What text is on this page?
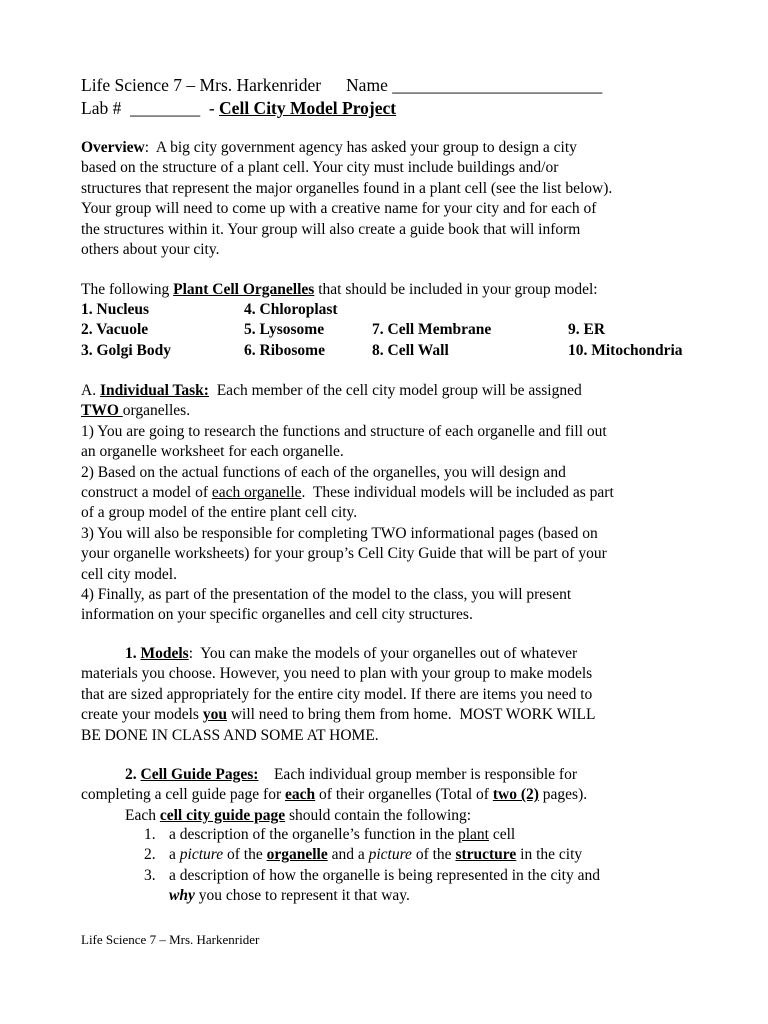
Life Science 7 – Mrs. Harkenrider Name ________________________
Lab #  ________  - Cell City Model Project
Overview:  A big city government agency has asked your group to design a city
based on the structure of a plant cell. Your city must include buildings and/or
structures that represent the major organelles found in a plant cell (see the list below).
Your group will need to come up with a creative name for your city and for each of
the structures within it. Your group will also create a guide book that will inform
others about your city.
The following Plant Cell Organelles that should be included in your group model:
1. Nucleus	4. Chloroplast
2. Vacuole	5. Lysosome	7. Cell Membrane	9. ER
3. Golgi Body	6. Ribosome	8. Cell Wall	10. Mitochondria
A. Individual Task:  Each member of the cell city model group will be assigned
TWO organelles.
1) You are going to research the functions and structure of each organelle and fill out
an organelle worksheet for each organelle.
2) Based on the actual functions of each of the organelles, you will design and
construct a model of each organelle.  These individual models will be included as part
of a group model of the entire plant cell city.
3) You will also be responsible for completing TWO informational pages (based on
your organelle worksheets) for your group’s Cell City Guide that will be part of your
cell city model.
4) Finally, as part of the presentation of the model to the class, you will present
information on your specific organelles and cell city structures.
1. Models:  You can make the models of your organelles out of whatever
materials you choose. However, you need to plan with your group to make models
that are sized appropriately for the entire city model. If there are items you need to
create your models you will need to bring them from home.  MOST WORK WILL
BE DONE IN CLASS AND SOME AT HOME.
2. Cell Guide Pages:    Each individual group member is responsible for
completing a cell guide page for each of their organelles (Total of two (2) pages).
Each cell city guide page should contain the following:
1. a description of the organelle’s function in the plant cell
2. a picture of the organelle and a picture of the structure in the city
3. a description of how the organelle is being represented in the city and
why you chose to represent it that way.
Life Science 7 – Mrs. Harkenrider
